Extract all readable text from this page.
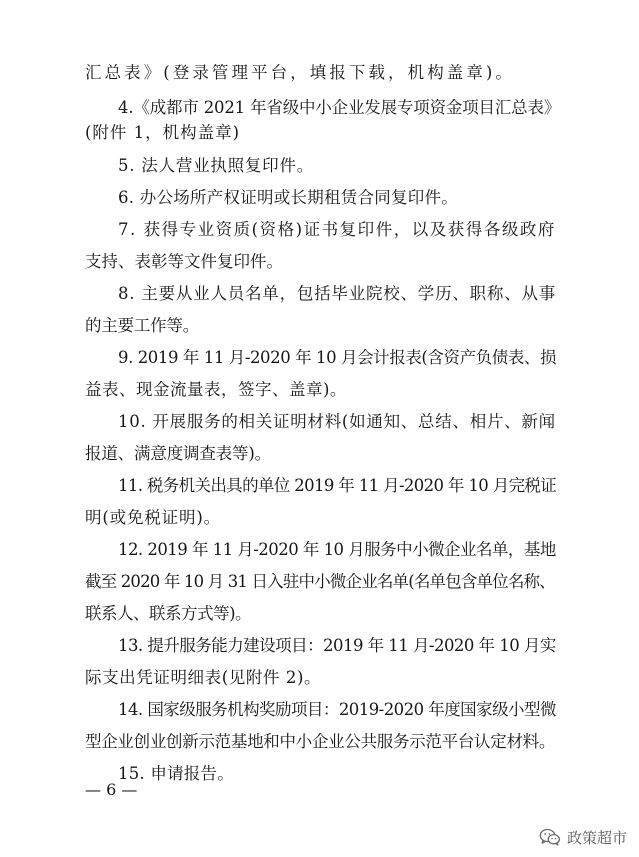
汇总表》(登录管理平台，填报下载，机构盖章)。
4.《成都市 2021 年省级中小企业发展专项资金项目汇总表》
(附件 1，机构盖章)
5. 法人营业执照复印件。
6. 办公场所产权证明或长期租赁合同复印件。
7. 获得专业资质(资格)证书复印件，以及获得各级政府
支持、表彰等文件复印件。
8. 主要从业人员名单，包括毕业院校、学历、职称、从事
的主要工作等。
9. 2019 年 11 月-2020 年 10 月会计报表(含资产负债表、损
益表、现金流量表，签字、盖章)。
10. 开展服务的相关证明材料(如通知、总结、相片、新闻
报道、满意度调查表等)。
11. 税务机关出具的单位 2019 年 11 月-2020 年 10 月完税证
明(或免税证明)。
12. 2019 年 11 月-2020 年 10 月服务中小微企业名单，基地
截至 2020 年 10 月 31 日入驻中小微企业名单(名单包含单位名称、
联系人、联系方式等)。
13. 提升服务能力建设项目：2019 年 11 月-2020 年 10 月实
际支出凭证明细表(见附件 2)。
14. 国家级服务机构奖励项目：2019-2020 年度国家级小型微
型企业创业创新示范基地和中小企业公共服务示范平台认定材料。
15. 申请报告。
— 6 —
政策超市
